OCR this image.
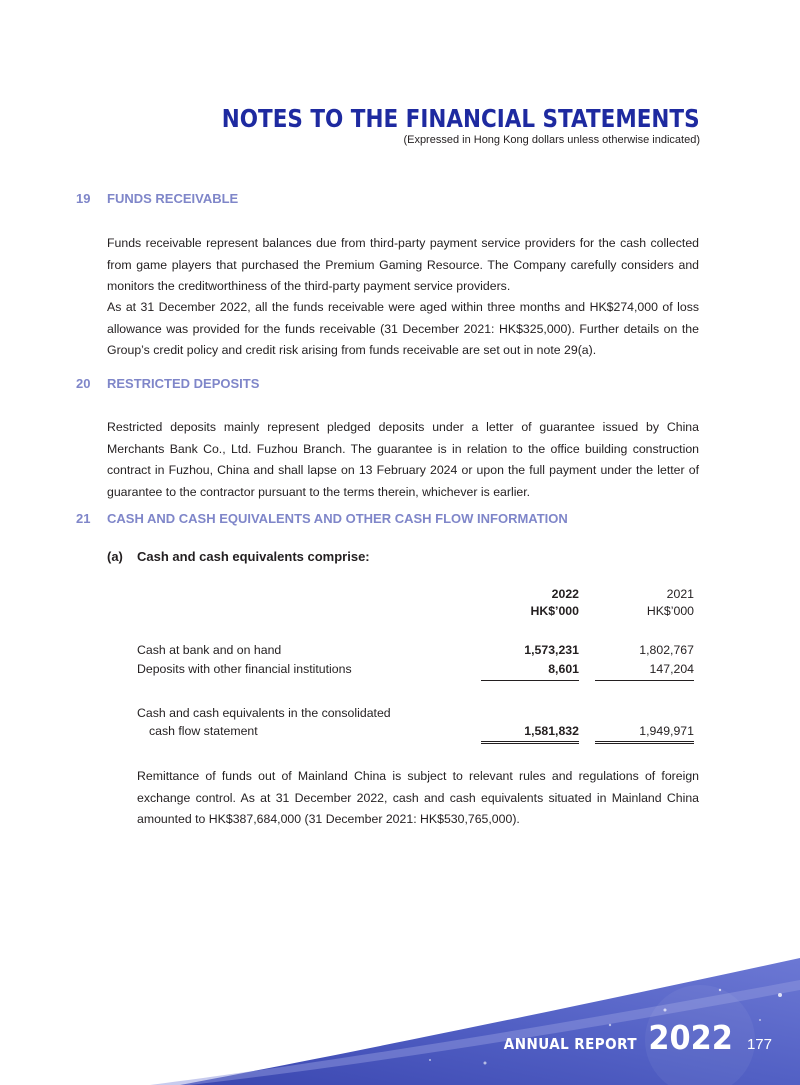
NOTES TO THE FINANCIAL STATEMENTS
(Expressed in Hong Kong dollars unless otherwise indicated)
19 FUNDS RECEIVABLE

Funds receivable represent balances due from third-party payment service providers for the cash collected from game players that purchased the Premium Gaming Resource. The Company carefully considers and monitors the creditworthiness of the third-party payment service providers.

As at 31 December 2022, all the funds receivable were aged within three months and HK$274,000 of loss allowance was provided for the funds receivable (31 December 2021: HK$325,000). Further details on the Group’s credit policy and credit risk arising from funds receivable are set out in note 29(a).

20 RESTRICTED DEPOSITS

Restricted deposits mainly represent pledged deposits under a letter of guarantee issued by China Merchants Bank Co., Ltd. Fuzhou Branch. The guarantee is in relation to the office building construction contract in Fuzhou, China and shall lapse on 13 February 2024 or upon the full payment under the letter of guarantee to the contractor pursuant to the terms therein, whichever is earlier.

21 CASH AND CASH EQUIVALENTS AND OTHER CASH FLOW INFORMATION
(a) Cash and cash equivalents comprise:
2022	2021
HK$’000	HK$’000
Cash at bank and on hand	1,573,231	1,802,767
Deposits with other financial institutions	8,601	147,204
Cash and cash equivalents in the consolidated
cash flow statement	1,581,832	1,949,971

Remittance of funds out of Mainland China is subject to relevant rules and regulations of foreign exchange control. As at 31 December 2022, cash and cash equivalents situated in Mainland China amounted to HK$387,684,000 (31 December 2021: HK$530,765,000).

ANNUAL REPORT 2022 177
